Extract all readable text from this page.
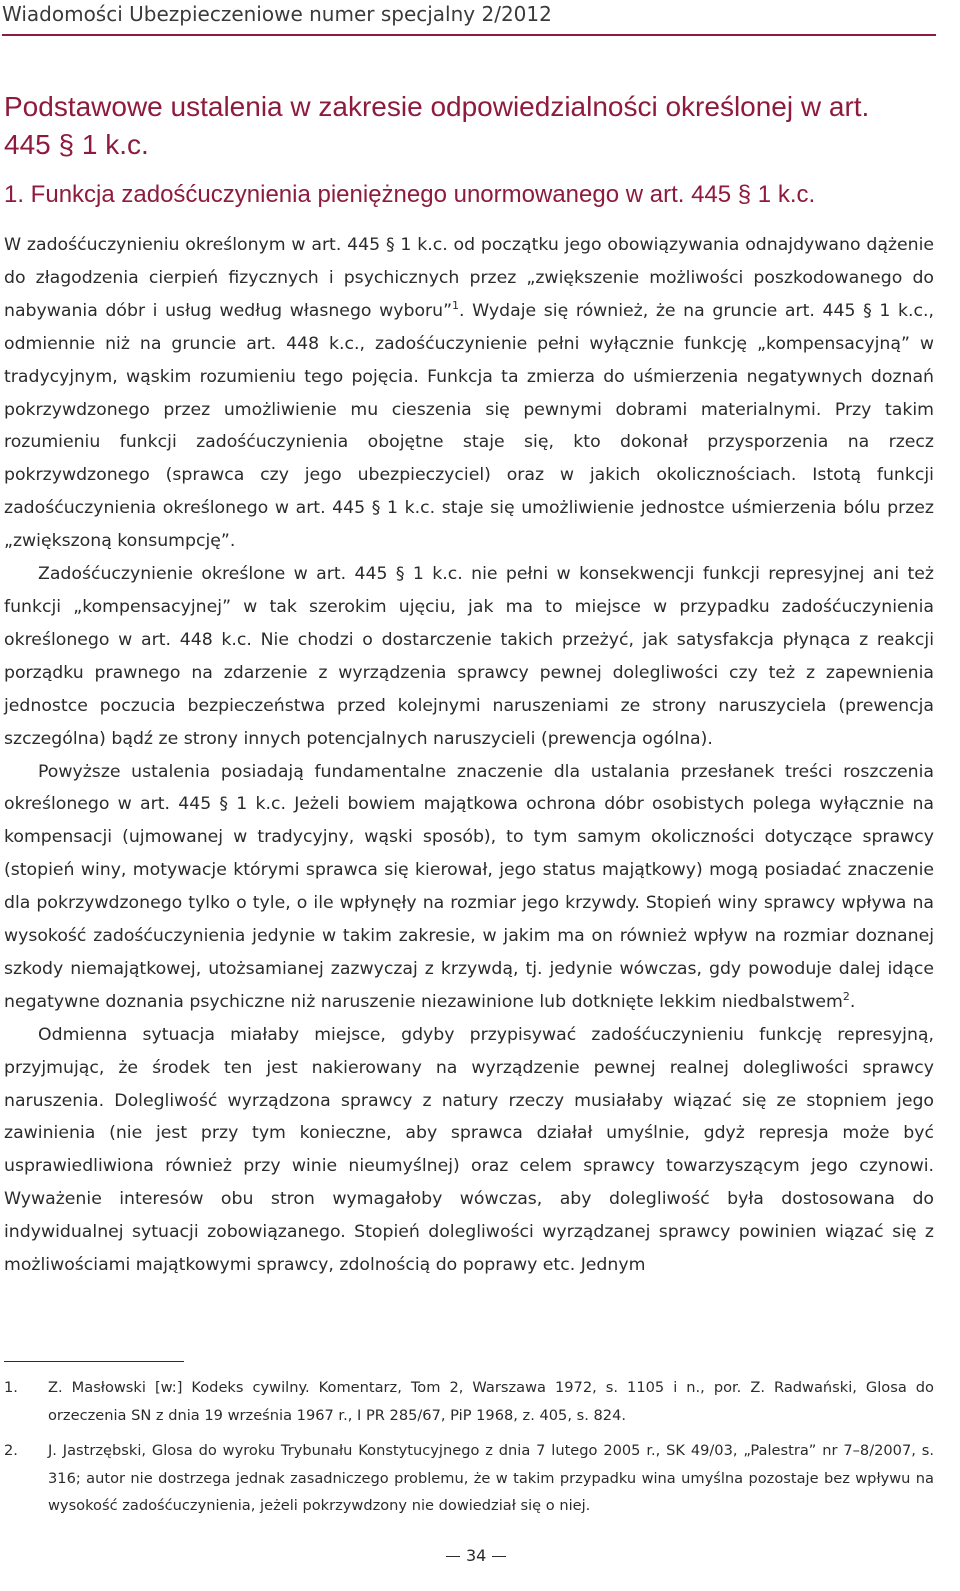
Wiadomości Ubezpieczeniowe numer specjalny 2/2012
Podstawowe ustalenia w zakresie odpowiedzialności określonej w art. 445 § 1 k.c.
1. Funkcja zadośćuczynienia pieniężnego unormowanego w art. 445 § 1 k.c.

W zadośćuczynieniu określonym w art. 445 § 1 k.c. od początku jego obowiązywania odnajdywano dążenie do złagodzenia cierpień fizycznych i psychicznych przez „zwiększenie możliwości poszkodowanego do nabywania dóbr i usług według własnego wyboru”$^1$. Wydaje się również, że na gruncie art. 445 § 1 k.c., odmiennie niż na gruncie art. 448 k.c., zadośćuczynienie pełni wyłącznie funkcję „kompensacyjną” w tradycyjnym, wąskim rozumieniu tego pojęcia. Funkcja ta zmierza do uśmierzenia negatywnych doznań pokrzywdzonego przez umożliwienie mu cieszenia się pewnymi dobrami materialnymi. Przy takim rozumieniu funkcji zadośćuczynienia obojętne staje się, kto dokonał przysporzenia na rzecz pokrzywdzonego (sprawca czy jego ubezpieczyciel) oraz w jakich okolicznościach. Istotą funkcji zadośćuczynienia określonego w art. 445 § 1 k.c. staje się umożliwienie jednostce uśmierzenia bólu przez „zwiększoną konsumpcję”.

Zadośćuczynienie określone w art. 445 § 1 k.c. nie pełni w konsekwencji funkcji represyjnej ani też funkcji „kompensacyjnej” w tak szerokim ujęciu, jak ma to miejsce w przypadku zadośćuczynienia określonego w art. 448 k.c. Nie chodzi o dostarczenie takich przeżyć, jak satysfakcja płynąca z reakcji porządku prawnego na zdarzenie z wyrządzenia sprawcy pewnej dolegliwości czy też z zapewnienia jednostce poczucia bezpieczeństwa przed kolejnymi naruszeniami ze strony naruszyciela (prewencja szczególna) bądź ze strony innych potencjalnych naruszycieli (prewencja ogólna).

Powyższe ustalenia posiadają fundamentalne znaczenie dla ustalania przesłanek treści roszczenia określonego w art. 445 § 1 k.c. Jeżeli bowiem majątkowa ochrona dóbr osobistych polega wyłącznie na kompensacji (ujmowanej w tradycyjny, wąski sposób), to tym samym okoliczności dotyczące sprawcy (stopień winy, motywacje którymi sprawca się kierował, jego status majątkowy) mogą posiadać znaczenie dla pokrzywdzonego tylko o tyle, o ile wpłynęły na rozmiar jego krzywdy. Stopień winy sprawcy wpływa na wysokość zadośćuczynienia jedynie w takim zakresie, w jakim ma on również wpływ na rozmiar doznanej szkody niemajątkowej, utożsamianej zazwyczaj z krzywdą, tj. jedynie wówczas, gdy powoduje dalej idące negatywne doznania psychiczne niż naruszenie niezawinione lub dotknięte lekkim niedbalstwem$^2$.

Odmienna sytuacja miałaby miejsce, gdyby przypisywać zadośćuczynieniu funkcję represyjną, przyjmując, że środek ten jest nakierowany na wyrządzenie pewnej realnej dolegliwości sprawcy naruszenia. Dolegliwość wyrządzona sprawcy z natury rzeczy musiałaby wiązać się ze stopniem jego zawinienia (nie jest przy tym konieczne, aby sprawca działał umyślnie, gdyż represja może być usprawiedliwiona również przy winie nieumyślnej) oraz celem sprawcy towarzyszącym jego czynowi. Wyważenie interesów obu stron wymagałoby wówczas, aby dolegliwość była dostosowana do indywidualnej sytuacji zobowiązanego. Stopień dolegliwości wyrządzanej sprawcy powinien wiązać się z możliwościami majątkowymi sprawcy, zdolnością do poprawy etc. Jednym

1. Z. Masłowski [w:] Kodeks cywilny. Komentarz, Tom 2, Warszawa 1972, s. 1105 i n., por. Z. Radwański, Glosa do orzeczenia SN z dnia 19 września 1967 r., I PR 285/67, PiP 1968, z. 405, s. 824.
2. J. Jastrzębski, Glosa do wyroku Trybunału Konstytucyjnego z dnia 7 lutego 2005 r., SK 49/03, „Palestra” nr 7–8/2007, s. 316; autor nie dostrzega jednak zasadniczego problemu, że w takim przypadku wina umyślna pozostaje bez wpływu na wysokość zadośćuczynienia, jeżeli pokrzywdzony nie dowiedział się o niej.
34
